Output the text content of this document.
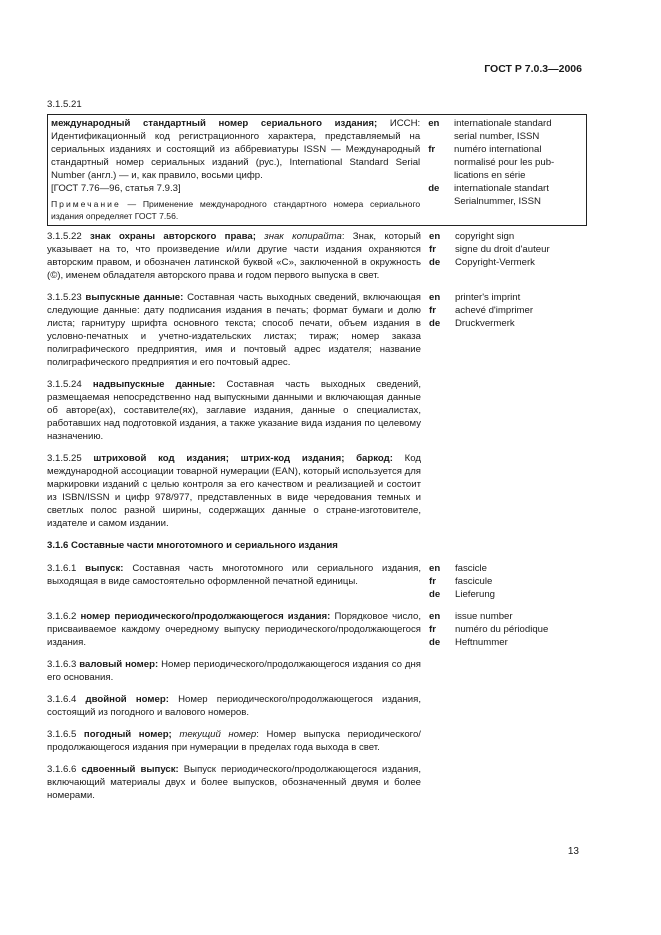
ГОСТ Р 7.0.3—2006
3.1.5.21
международный стандартный номер сериального издания; ИССН: Идентификационный код регистрационного характера, представляемый на сериальных изданиях и состоящий из аббревиатуры ISSN — Международный стандартный номер сериальных изданий (рус.), International Standard Serial Number (англ.) — и, как правило, восьми цифр.
[ГОСТ 7.76—96, статья 7.9.3]
Примечание — Применение международного стандартного номера сериального издания определяет ГОСТ 7.56.
en

fr

de
internationale standard
serial number, ISSN
numéro international
normalisé pour les pub-
lications en série
internationale standart
Serialnummer, ISSN
3.1.5.22 знак охраны авторского права; знак копирайта: Знак, который указывает на то, что произведение и/или другие части издания охраняются авторским правом, и обозначен латинской буквой «C», заключенной в окружность (©), именем обладателя авторского права и годом первого выпуска в свет.
en
fr
de
copyright sign
signe du droit d'auteur
Copyright-Vermerk
3.1.5.23 выпускные данные: Составная часть выходных сведений, включающая следующие данные: дату подписания издания в печать; формат бумаги и долю листа; гарнитуру шрифта основного текста; способ печати, объем издания в условно-печатных и учетно-издательских листах; тираж; номер заказа полиграфического предприятия, имя и почтовый адрес издателя; название полиграфического предприятия и его почтовый адрес.
en
fr
de
printer's imprint
achevé d'imprimer
Druckvermerk
3.1.5.24 надвыпускные данные: Составная часть выходных сведений, размещаемая непосредственно над выпускными данными и включающая данные об авторе(ах), составителе(ях), заглавие издания, данные о специалистах, работавших над подготовкой издания, а также указание вида издания по целевому назначению.
3.1.5.25 штриховой код издания; штрих-код издания; баркод: Код международной ассоциации товарной нумерации (EAN), который используется для маркировки изданий с целью контроля за его качеством и реализацией и состоит из ISBN/ISSN и цифр 978/977, представленных в виде чередования темных и светлых полос разной ширины, содержащих данные о стране-изготовителе, издателе и самом издании.
3.1.6 Составные части многотомного и сериального издания
3.1.6.1 выпуск: Составная часть многотомного или сериального издания, выходящая в виде самостоятельно оформленной печатной единицы.
en
fr
de
fascicle
fascicule
Lieferung
3.1.6.2 номер периодического/продолжающегося издания: Порядковое число, присваиваемое каждому очередному выпуску периодического/продолжающегося издания.
en
fr
de
issue number
numéro du périodique
Heftnummer
3.1.6.3 валовый номер: Номер периодического/продолжающегося издания со дня его основания.
3.1.6.4 двойной номер: Номер периодического/продолжающегося издания, состоящий из погодного и валового номеров.
3.1.6.5 погодный номер; текущий номер: Номер выпуска периодического/продолжающегося издания при нумерации в пределах года выхода в свет.
3.1.6.6 сдвоенный выпуск: Выпуск периодического/продолжающегося издания, включающий материалы двух и более выпусков, обозначенный двумя и более номерами.
13
